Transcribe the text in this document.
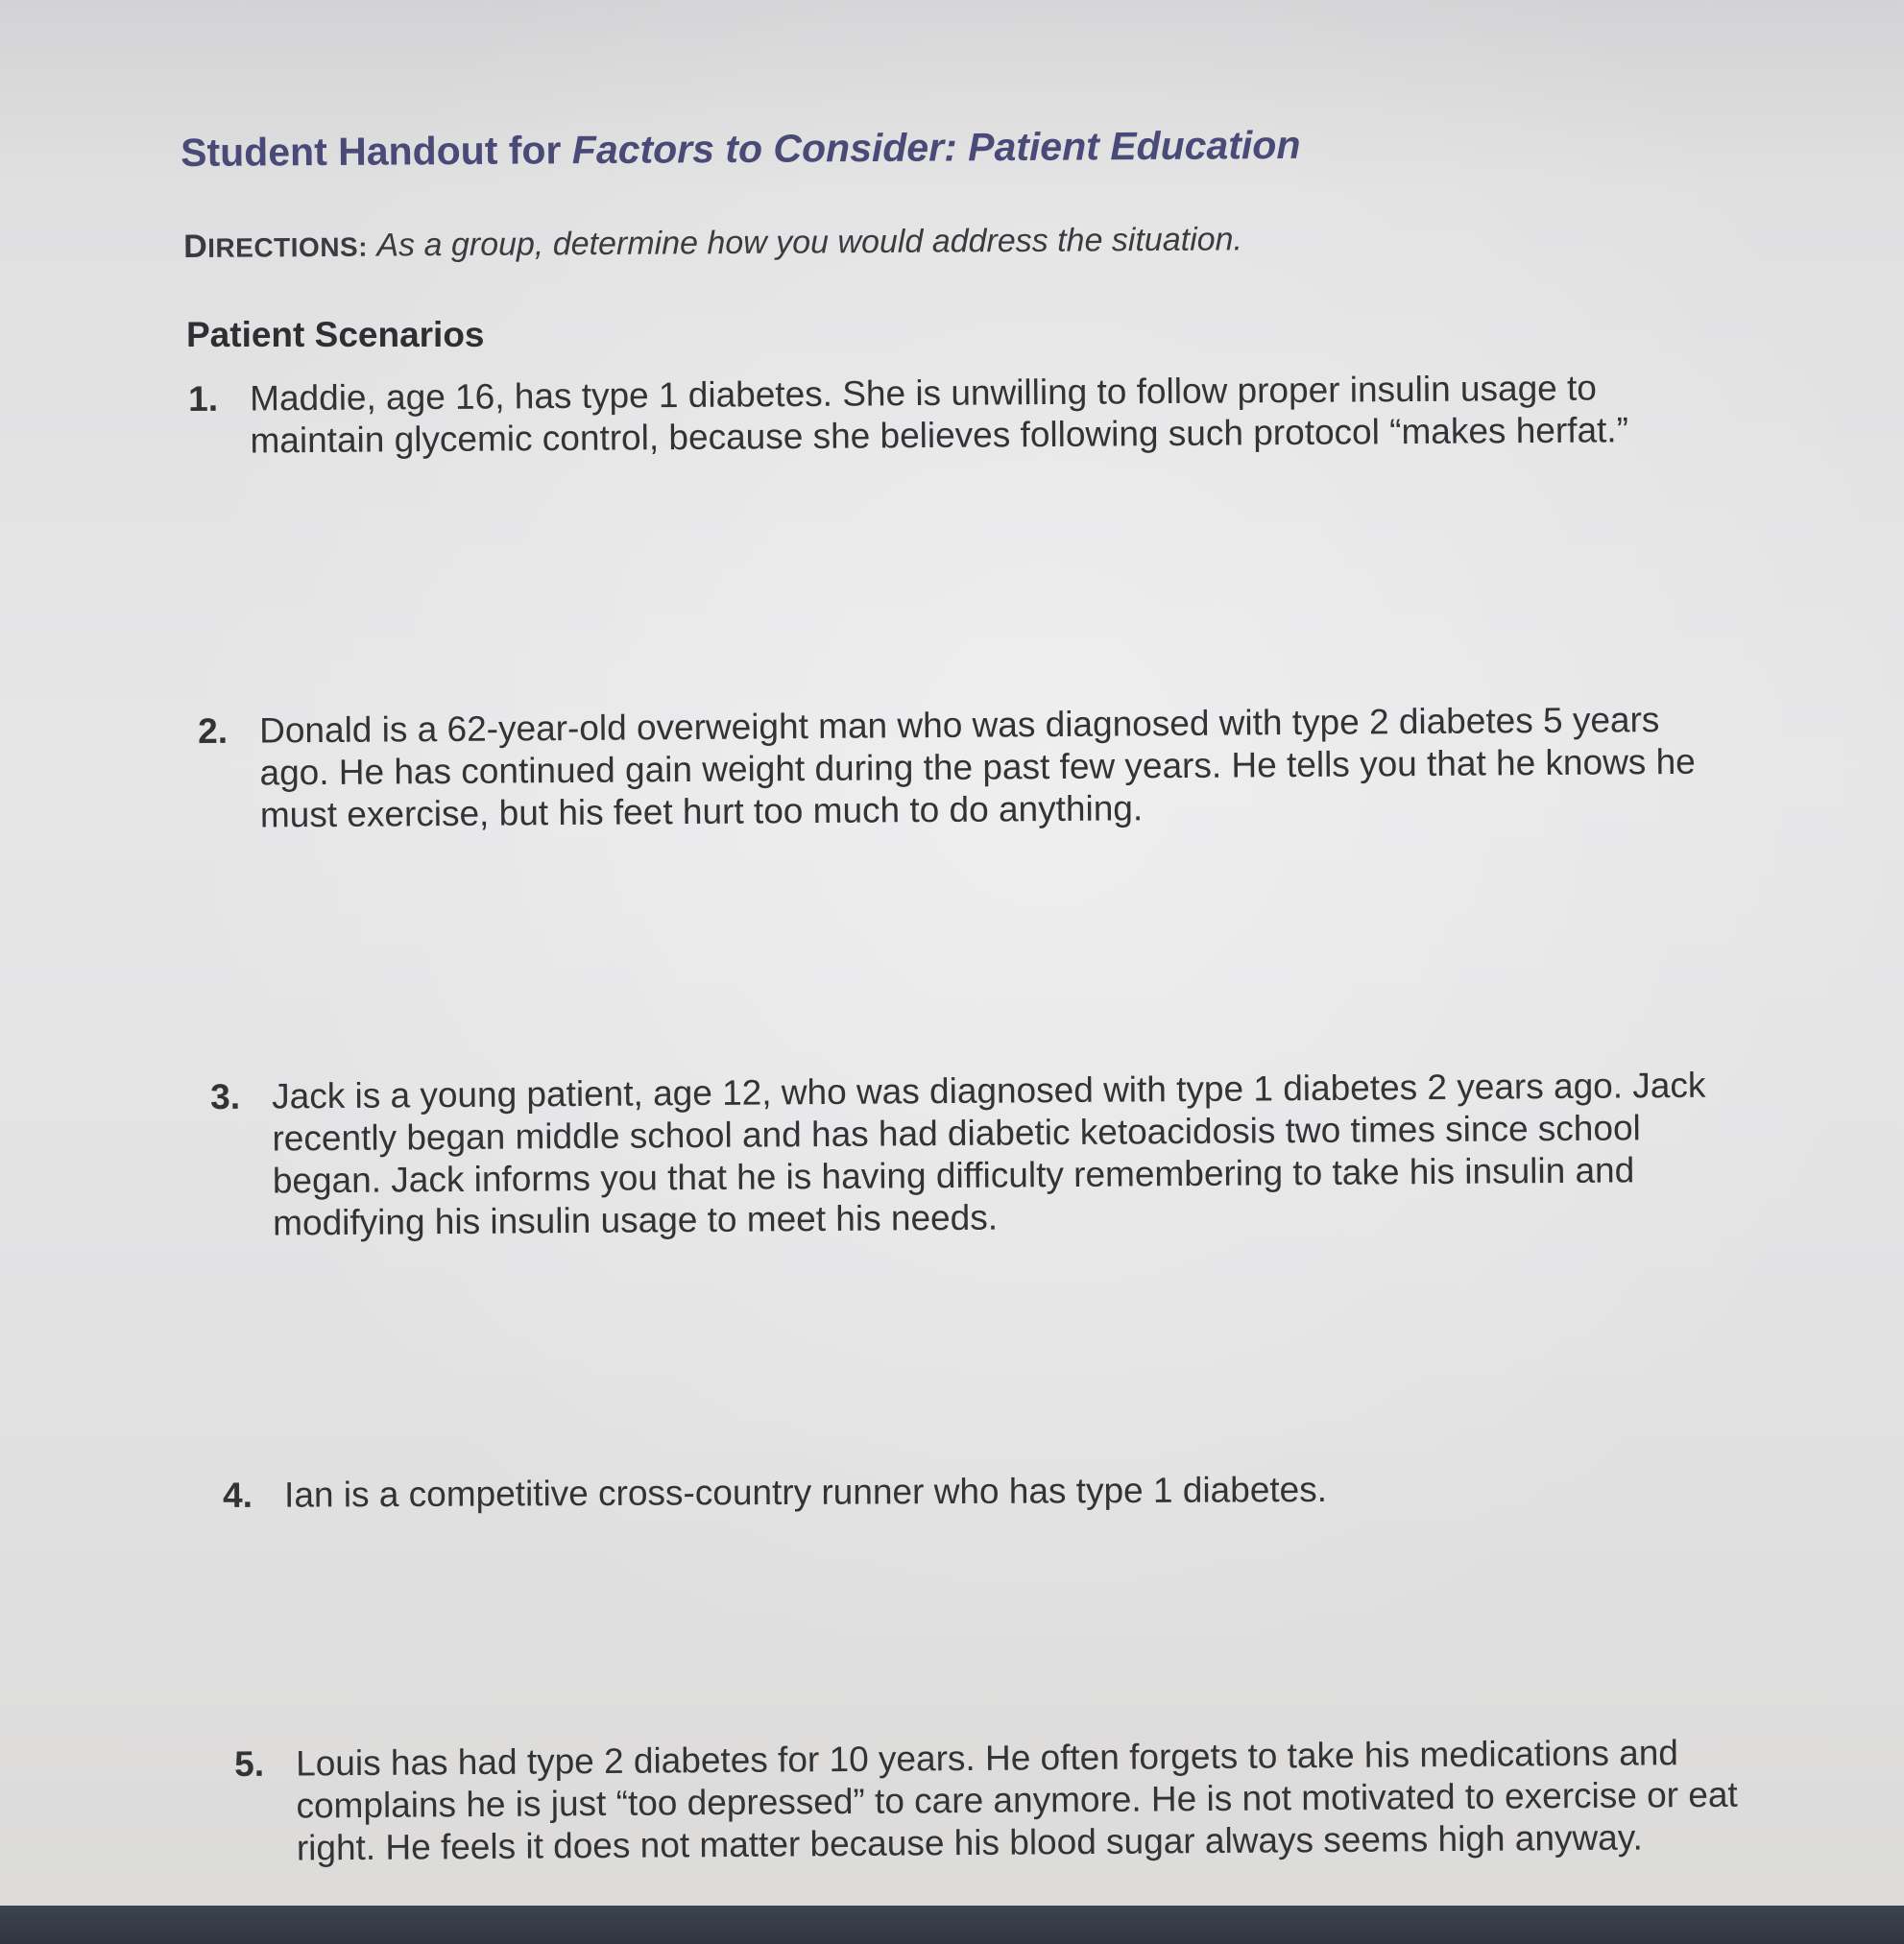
Student Handout for Factors to Consider: Patient Education
DIRECTIONS: As a group, determine how you would address the situation.
Patient Scenarios
1. Maddie, age 16, has type 1 diabetes. She is unwilling to follow proper insulin usage to maintain glycemic control, because she believes following such protocol “makes herfat.”
2. Donald is a 62-year-old overweight man who was diagnosed with type 2 diabetes 5 years ago. He has continued gain weight during the past few years. He tells you that he knows he must exercise, but his feet hurt too much to do anything.
3. Jack is a young patient, age 12, who was diagnosed with type 1 diabetes 2 years ago. Jack recently began middle school and has had diabetic ketoacidosis two times since school began. Jack informs you that he is having difficulty remembering to take his insulin and modifying his insulin usage to meet his needs.
4. Ian is a competitive cross-country runner who has type 1 diabetes.
5. Louis has had type 2 diabetes for 10 years. He often forgets to take his medications and complains he is just “too depressed” to care anymore. He is not motivated to exercise or eat right. He feels it does not matter because his blood sugar always seems high anyway.
